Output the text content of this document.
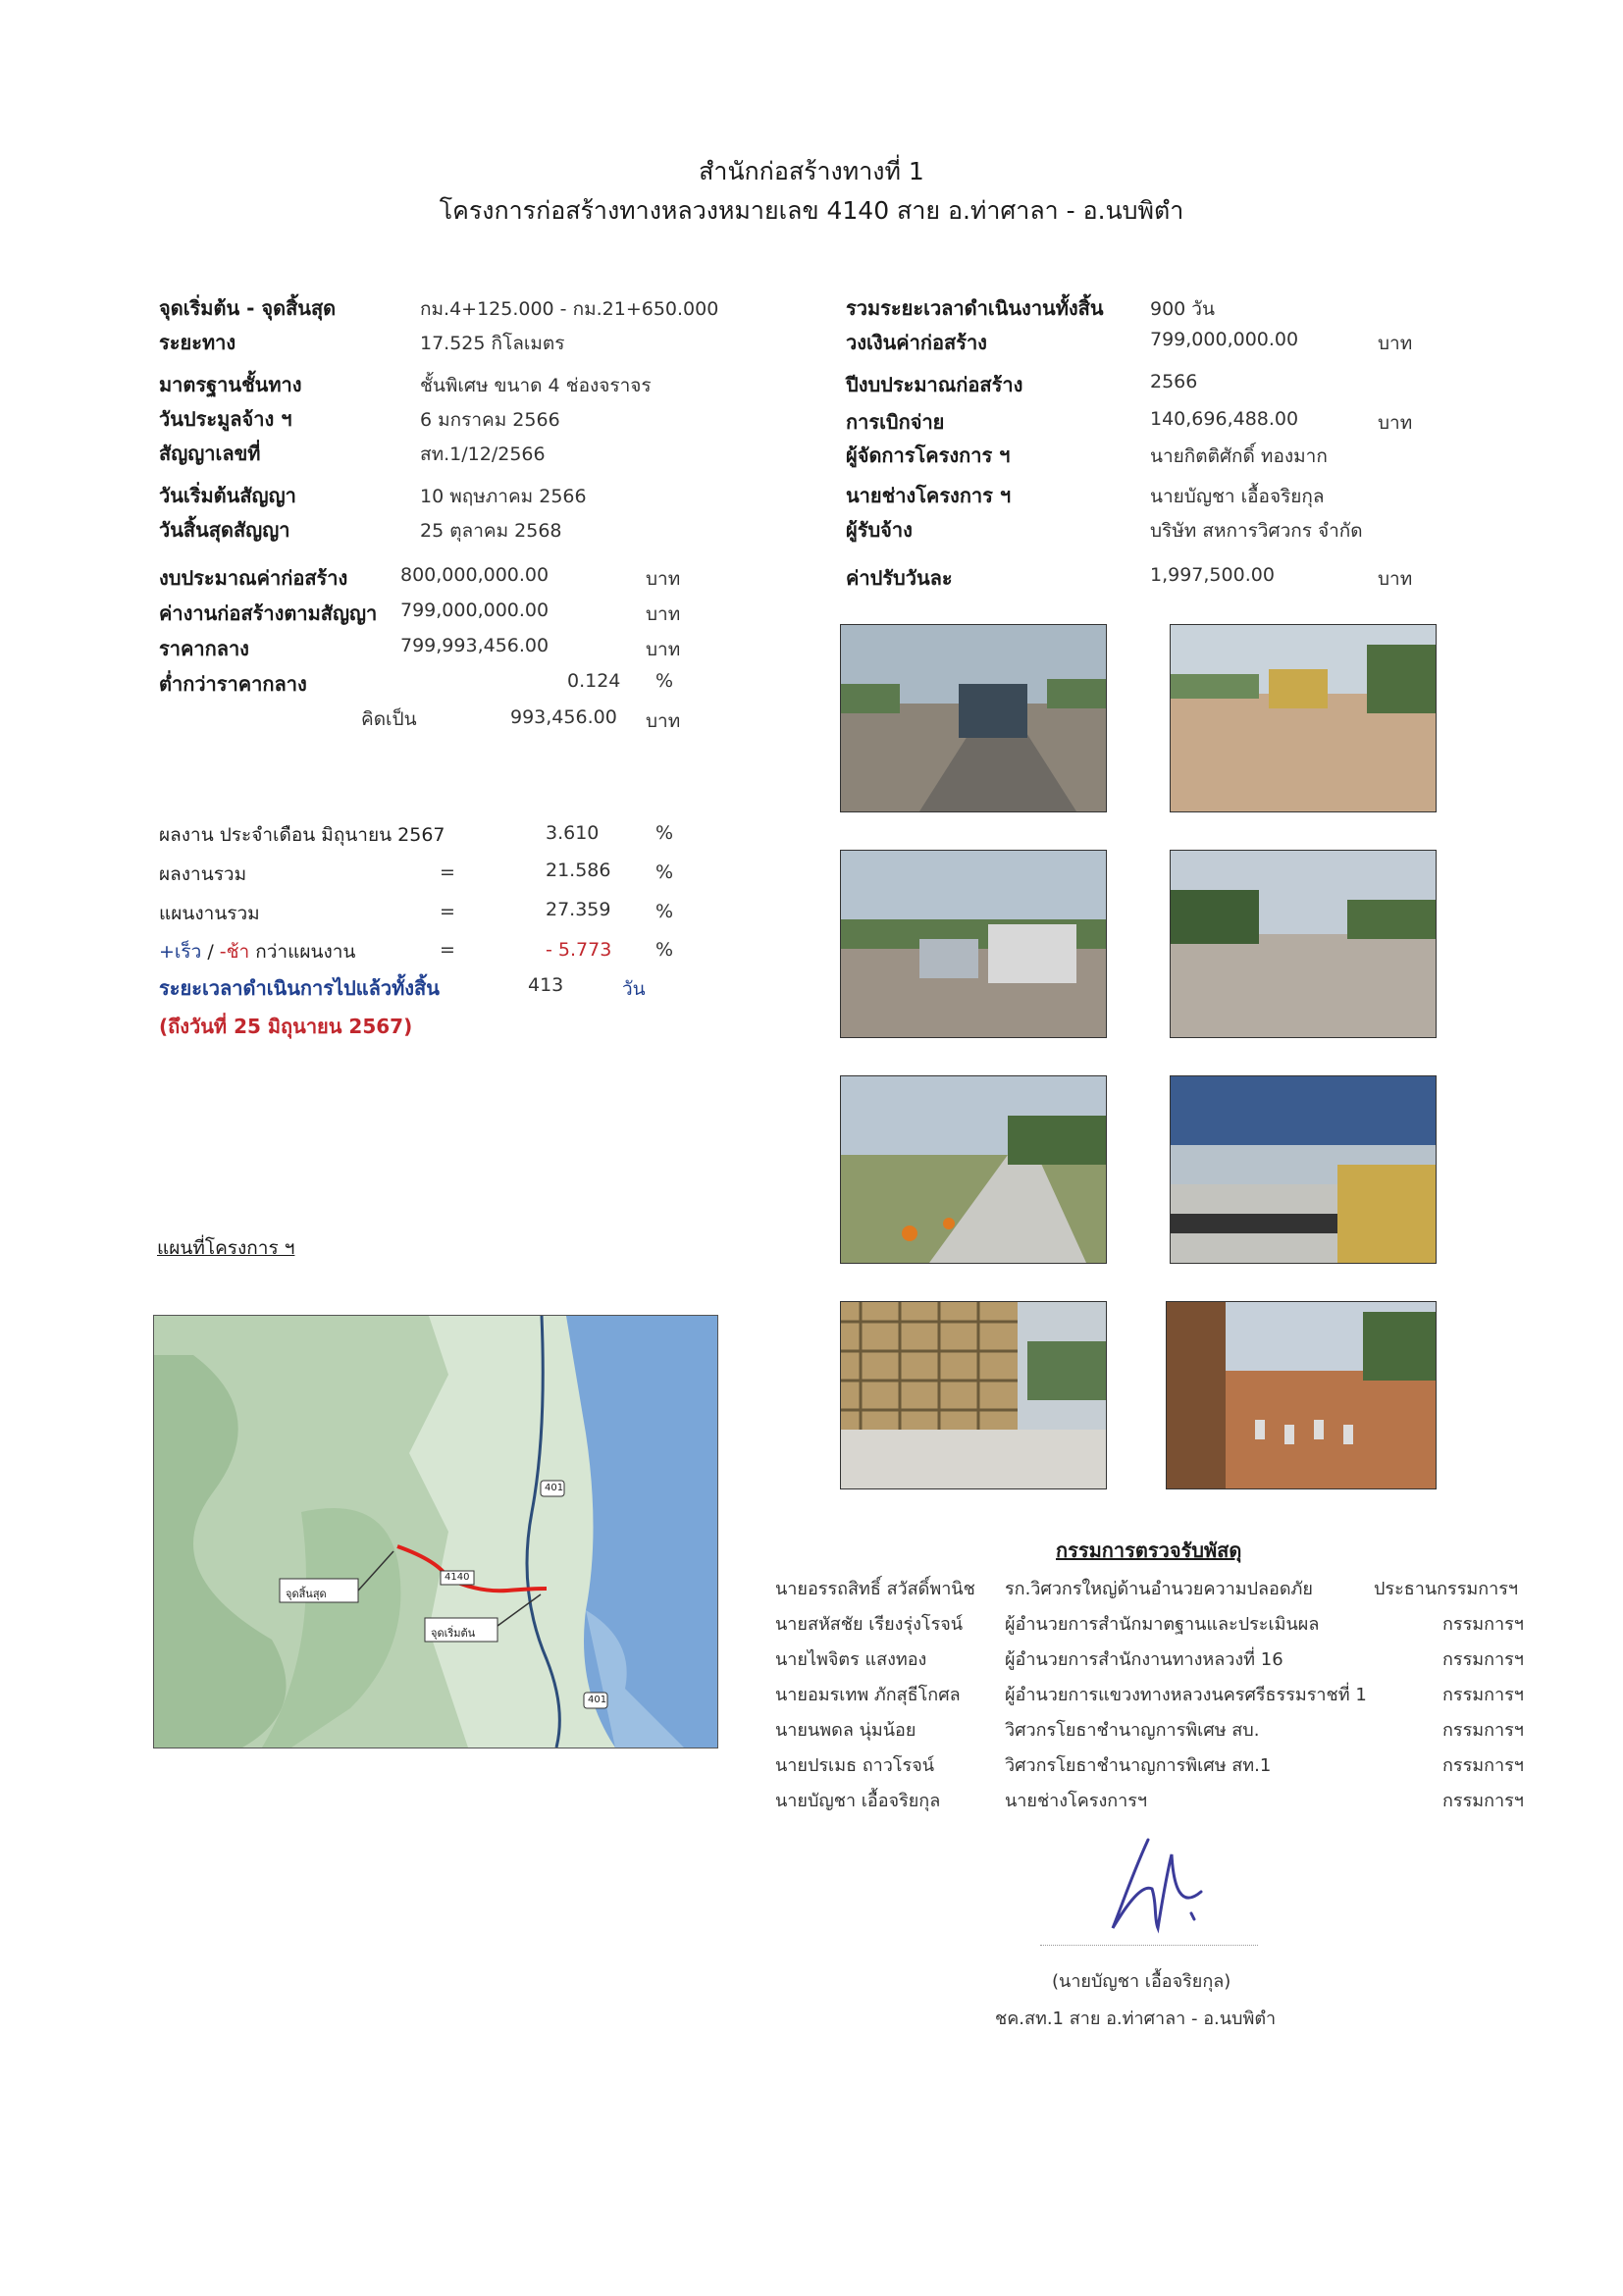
สำนักก่อสร้างทางที่ 1
โครงการก่อสร้างทางหลวงหมายเลข 4140 สาย อ.ท่าศาลา - อ.นบพิตำ
จุดเริ่มต้น - จุดสิ้นสุด	กม.4+125.000 - กม.21+650.000
ระยะทาง	17.525 กิโลเมตร
มาตรฐานชั้นทาง	ชั้นพิเศษ ขนาด 4 ช่องจราจร
วันประมูลจ้าง ฯ	6 มกราคม 2566
สัญญาเลขที่	สท.1/12/2566
วันเริ่มต้นสัญญา	10 พฤษภาคม 2566
วันสิ้นสุดสัญญา	25 ตุลาคม 2568
รวมระยะเวลาดำเนินงานทั้งสิ้น 900 วัน
วงเงินค่าก่อสร้าง	799,000,000.00	บาท
ปีงบประมาณก่อสร้าง	2566
การเบิกจ่าย	140,696,488.00	บาท
ผู้จัดการโครงการ ฯ	นายกิตติศักดิ์ ทองมาก
นายช่างโครงการ ฯ	นายบัญชา เอื้อจริยกุล
ผู้รับจ้าง	บริษัท สหการวิศวกร จำกัด
ค่าปรับวันละ	1,997,500.00	บาท
งบประมาณค่าก่อสร้าง	800,000,000.00	บาท
ค่างานก่อสร้างตามสัญญา 799,000,000.00	บาท
ราคากลาง	799,993,456.00	บาท
ต่ำกว่าราคากลาง	0.124 %
คิดเป็น	993,456.00 บาท
ผลงาน ประจำเดือน มิถุนายน 2567	3.610	%
ผลงานรวม	=	21.586 %
แผนงานรวม	=	27.359 %
+เร็ว / -ช้า กว่าแผนงาน	=	- 5.773 %
ระยะเวลาดำเนินการไปแล้วทั้งสิ้น	413	วัน
(ถึงวันที่ 25 มิถุนายน 2567)
แผนที่โครงการ ฯ
จุดสิ้นสุด
จุดเริ่มต้น
4140
401
401
กรรมการตรวจรับพัสดุ
นายอรรถสิทธิ์ สวัสดิ์พานิช รก.วิศวกรใหญ่ด้านอำนวยความปลอดภัย	ประธานกรรมการฯ
นายสหัสชัย เรียงรุ่งโรจน์ ผู้อำนวยการสำนักมาตฐานและประเมินผล	กรรมการฯ
นายไพจิตร แสงทอง	ผู้อำนวยการสำนักงานทางหลวงที่ 16	กรรมการฯ
นายอมรเทพ ภักสุธีโกศล	ผู้อำนวยการแขวงทางหลวงนครศรีธรรมราชที่ 1	กรรมการฯ
นายนพดล นุ่มน้อย	วิศวกรโยธาชำนาญการพิเศษ สบ.	กรรมการฯ
นายปรเมธ ถาวโรจน์	วิศวกรโยธาชำนาญการพิเศษ สท.1	กรรมการฯ
นายบัญชา เอื้อจริยกุล	นายช่างโครงการฯ	กรรมการฯ
(นายบัญชา เอื้อจริยกุล)
ชค.สท.1 สาย อ.ท่าศาลา - อ.นบพิตำ
